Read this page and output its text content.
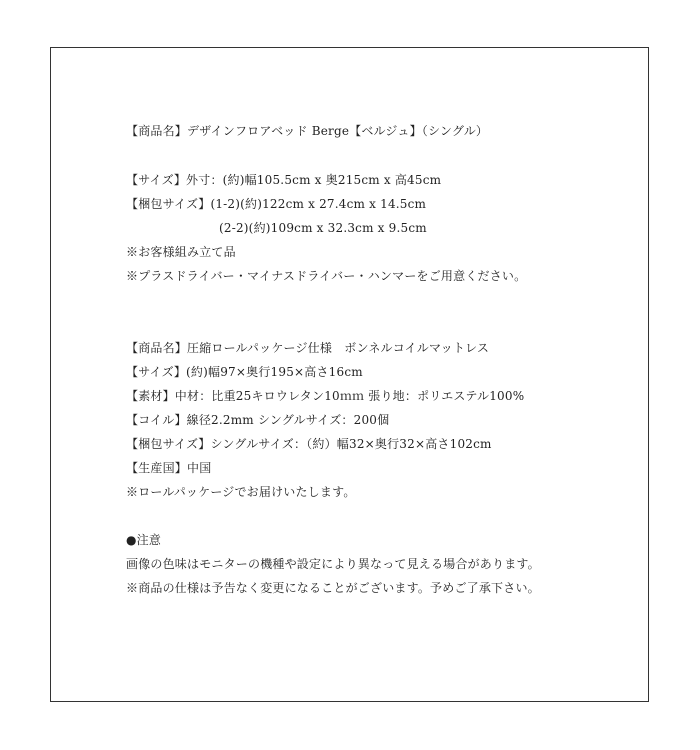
【商品名】デザインフロアベッド Berge【ベルジュ】（シングル）
【サイズ】外寸：(約)幅105.5cm x 奥215cm x 高45cm
【梱包サイズ】(1-2)(約)122cm x 27.4cm x 14.5cm
(2-2)(約)109cm x 32.3cm x 9.5cm
※お客様組み立て品
※プラスドライバー・マイナスドライバー・ハンマーをご用意ください。
【商品名】圧縮ロールパッケージ仕様　ボンネルコイルマットレス
【サイズ】(約)幅97×奥行195×高さ16cm
【素材】中材：比重25キロウレタン10ｍｍ 張り地：ポリエステル100%
【コイル】線径2.2mm シングルサイズ：200個
【梱包サイズ】シングルサイズ：（約）幅32×奥行32×高さ102cm
【生産国】中国
※ロールパッケージでお届けいたします。
●注意
画像の色味はモニターの機種や設定により異なって見える場合があります。
※商品の仕様は予告なく変更になることがございます。予めご了承下さい。
